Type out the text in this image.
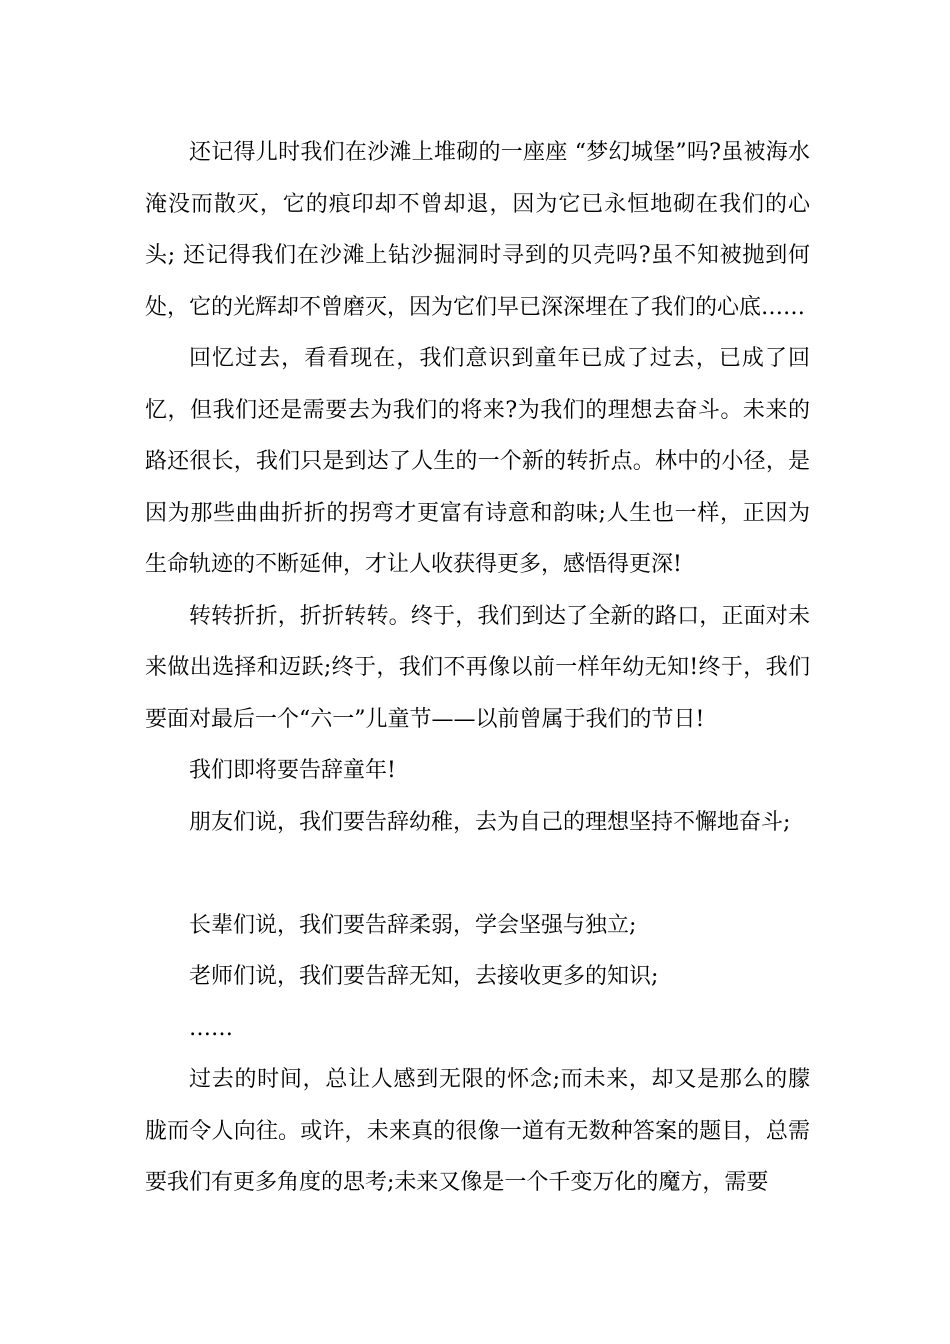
还记得儿时我们在沙滩上堆砌的一座座 “梦幻城堡”吗?虽被海水淹没而散灭，它的痕印却不曾却退，因为它已永恒地砌在我们的心头; 还记得我们在沙滩上钻沙掘洞时寻到的贝壳吗?虽不知被抛到何处，它的光辉却不曾磨灭，因为它们早已深深埋在了我们的心底……

回忆过去，看看现在，我们意识到童年已成了过去，已成了回忆，但我们还是需要去为我们的将来?为我们的理想去奋斗。未来的路还很长，我们只是到达了人生的一个新的转折点。林中的小径，是因为那些曲曲折折的拐弯才更富有诗意和韵味;人生也一样，正因为生命轨迹的不断延伸，才让人收获得更多，感悟得更深!

转转折折，折折转转。终于，我们到达了全新的路口，正面对未来做出选择和迈跃;终于，我们不再像以前一样年幼无知!终于，我们要面对最后一个“六一”儿童节——以前曾属于我们的节日!

我们即将要告辞童年!

朋友们说，我们要告辞幼稚，去为自己的理想坚持不懈地奋斗;

长辈们说，我们要告辞柔弱，学会坚强与独立;

老师们说，我们要告辞无知，去接收更多的知识;

……

过去的时间，总让人感到无限的怀念;而未来，却又是那么的朦胧而令人向往。或许，未来真的很像一道有无数种答案的题目，总需要我们有更多角度的思考;未来又像是一个千变万化的魔方，需要
